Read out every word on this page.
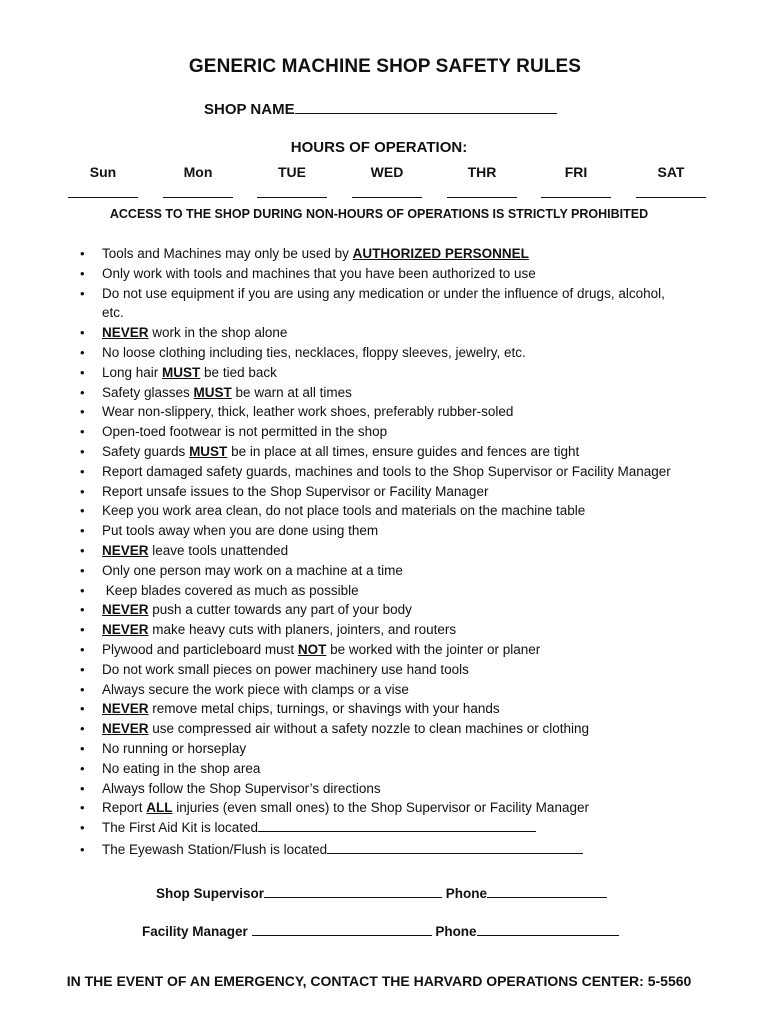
GENERIC MACHINE SHOP SAFETY RULES
SHOP NAME
HOURS OF OPERATION:
Sun	Mon	TUE	WED	THR	FRI	SAT
ACCESS TO THE SHOP DURING NON-HOURS OF OPERATIONS IS STRICTLY PROHIBITED
• Tools and Machines may only be used by AUTHORIZED PERSONNEL
• Only work with tools and machines that you have been authorized to use
• Do not use equipment if you are using any medication or under the influence of drugs, alcohol, etc.
• NEVER work in the shop alone
• No loose clothing including ties, necklaces, floppy sleeves, jewelry, etc.
• Long hair MUST be tied back
• Safety glasses MUST be warn at all times
• Wear non-slippery, thick, leather work shoes, preferably rubber-soled
• Open-toed footwear is not permitted in the shop
• Safety guards MUST be in place at all times, ensure guides and fences are tight
• Report damaged safety guards, machines and tools to the Shop Supervisor or Facility Manager
• Report unsafe issues to the Shop Supervisor or Facility Manager
• Keep you work area clean, do not place tools and materials on the machine table
• Put tools away when you are done using them
• NEVER leave tools unattended
• Only one person may work on a machine at a time
• Keep blades covered as much as possible
• NEVER push a cutter towards any part of your body
• NEVER make heavy cuts with planers, jointers, and routers
• Plywood and particleboard must NOT be worked with the jointer or planer
• Do not work small pieces on power machinery use hand tools
• Always secure the work piece with clamps or a vise
• NEVER remove metal chips, turnings, or shavings with your hands
• NEVER use compressed air without a safety nozzle to clean machines or clothing
• No running or horseplay
• No eating in the shop area
• Always follow the Shop Supervisor’s directions
• Report ALL injuries (even small ones) to the Shop Supervisor or Facility Manager
• The First Aid Kit is located
• The Eyewash Station/Flush is located
Shop Supervisor	Phone
Facility Manager	Phone
IN THE EVENT OF AN EMERGENCY, CONTACT THE HARVARD OPERATIONS CENTER: 5-5560
